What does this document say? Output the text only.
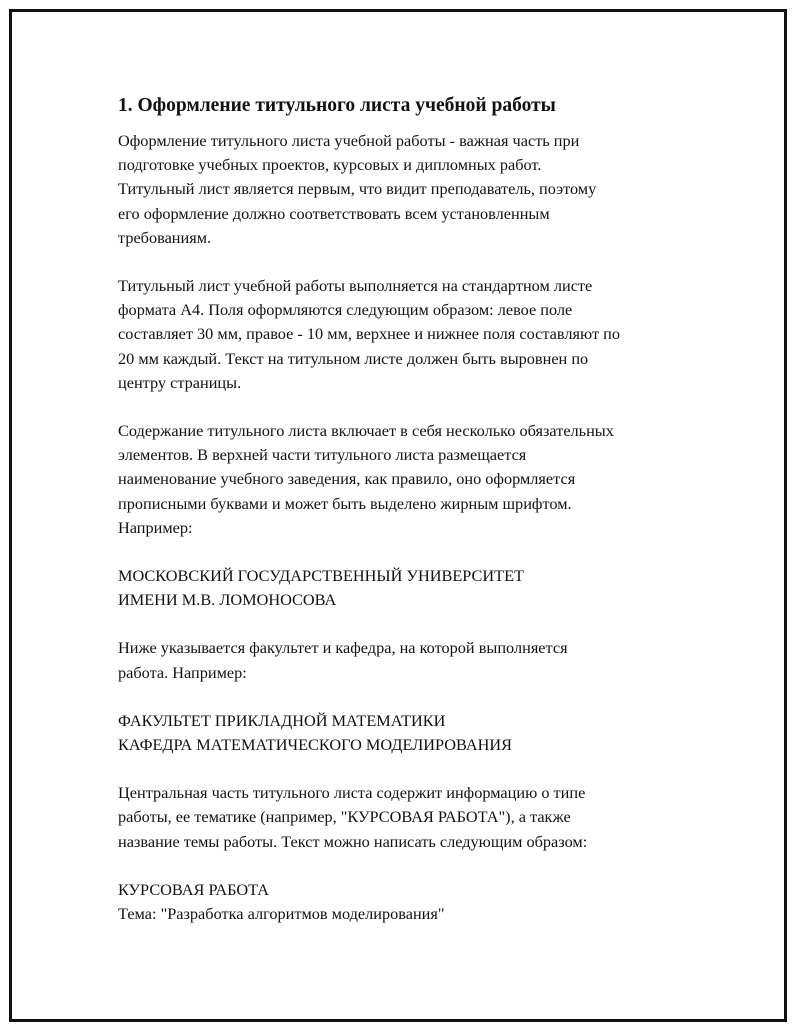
1. Оформление титульного листа учебной работы
Оформление титульного листа учебной работы - важная часть при
подготовке учебных проектов, курсовых и дипломных работ.
Титульный лист является первым, что видит преподаватель, поэтому
его оформление должно соответствовать всем установленным
требованиям.
Титульный лист учебной работы выполняется на стандартном листе
формата А4. Поля оформляются следующим образом: левое поле
составляет 30 мм, правое - 10 мм, верхнее и нижнее поля составляют по
20 мм каждый. Текст на титульном листе должен быть выровнен по
центру страницы.
Содержание титульного листа включает в себя несколько обязательных
элементов. В верхней части титульного листа размещается
наименование учебного заведения, как правило, оно оформляется
прописными буквами и может быть выделено жирным шрифтом.
Например:
МОСКОВСКИЙ ГОСУДАРСТВЕННЫЙ УНИВЕРСИТЕТ
ИМЕНИ М.В. ЛОМОНОСОВА
Ниже указывается факультет и кафедра, на которой выполняется
работа. Например:
ФАКУЛЬТЕТ ПРИКЛАДНОЙ МАТЕМАТИКИ
КАФЕДРА МАТЕМАТИЧЕСКОГО МОДЕЛИРОВАНИЯ
Центральная часть титульного листа содержит информацию о типе
работы, ее тематике (например, "КУРСОВАЯ РАБОТА"), а также
название темы работы. Текст можно написать следующим образом:
КУРСОВАЯ РАБОТА
Тема: "Разработка алгоритмов моделирования"
